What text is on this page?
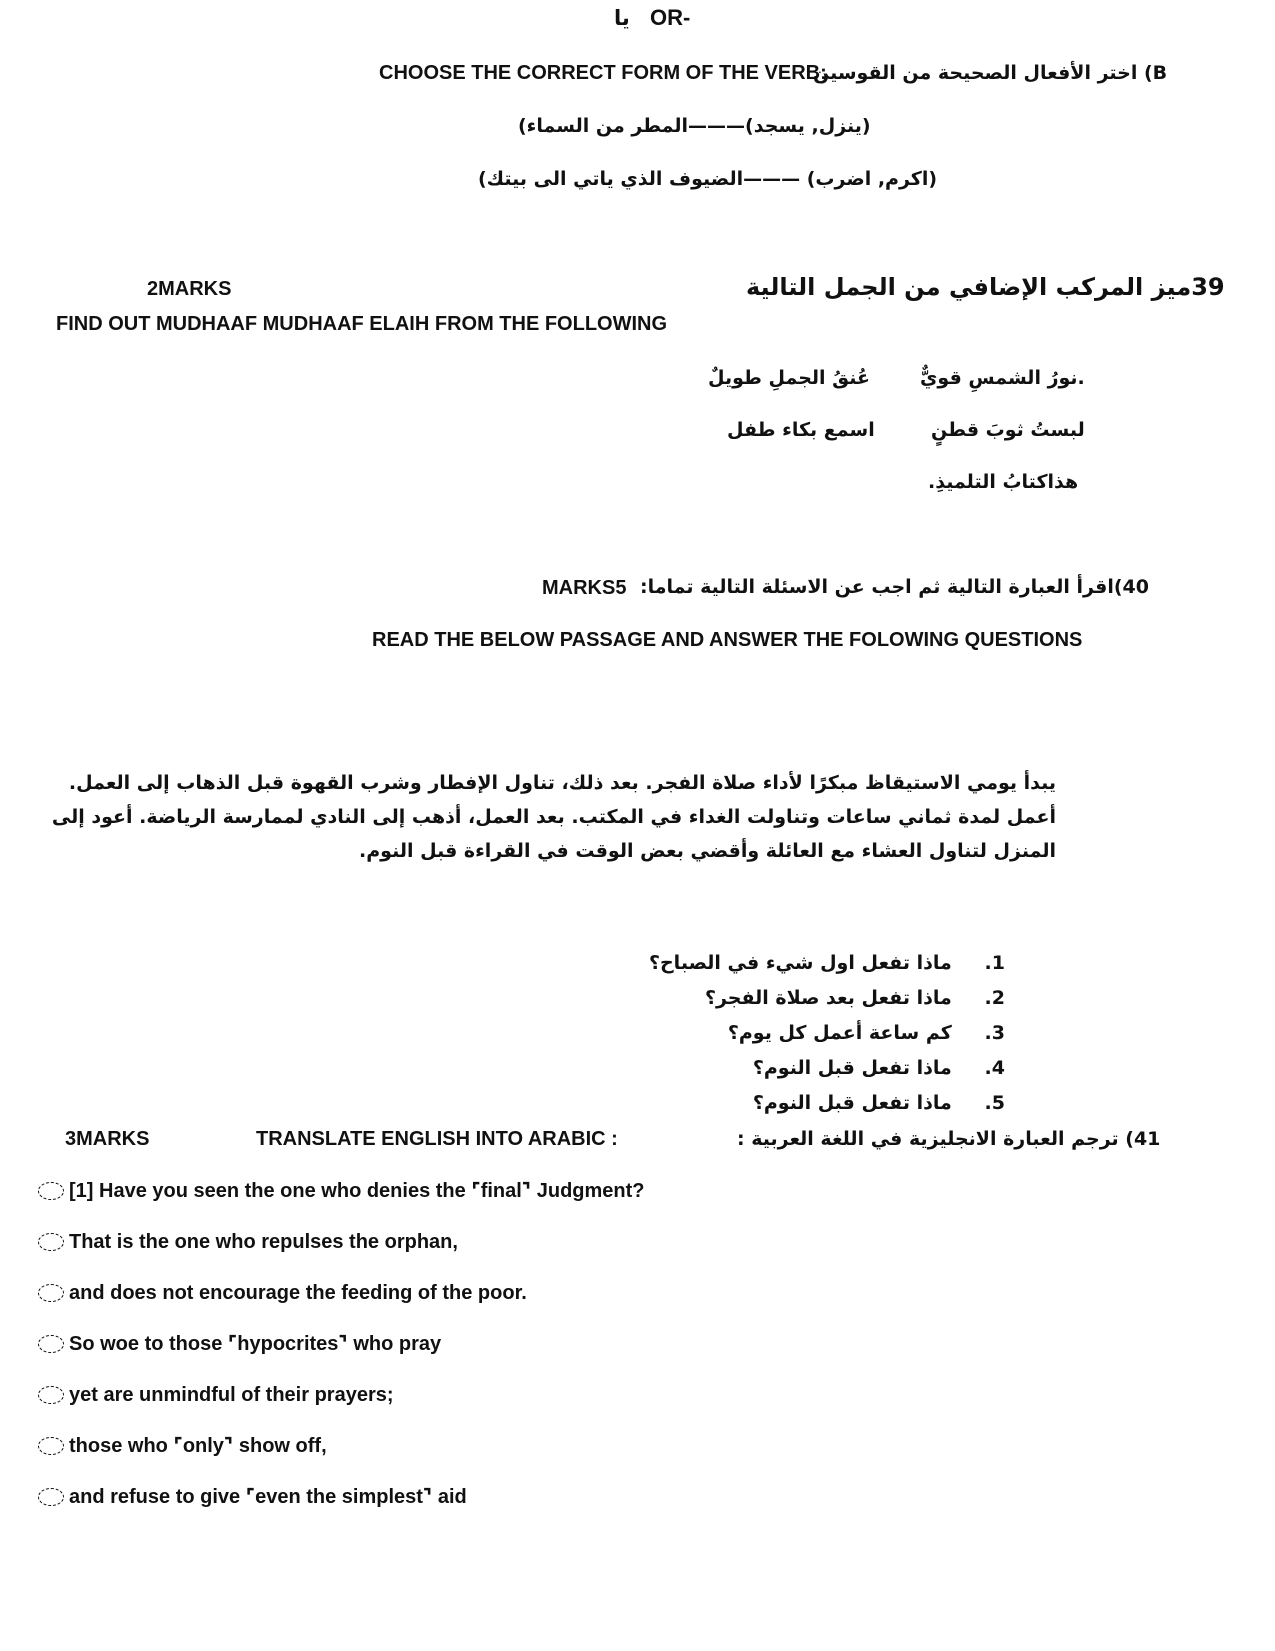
OR-
يا
CHOOSE THE CORRECT FORM OF THE VERB:
B) اختر الأفعال الصحيحة من القوسين
(ينزل, يسجد)———المطر من السماء)
(اكرم, اضرب) ———الضيوف الذي ياتي الى بيتك)
2MARKS	39ميز المركب الإضافي من الجمل التالية
FIND OUT MUDHAAF MUDHAAF ELAIH FROM THE FOLLOWING
.نورُ الشمسِ قويٌّ
عُنقُ الجملِ طويلٌ
لبستُ ثوبَ قطنٍ
اسمع بكاء طفل
هذاكتابُ التلميذِ.
40)اقرأ العبارة التالية ثم اجب عن الاسئلة التالية تماما:
MARKS5
READ THE BELOW PASSAGE AND ANSWER THE FOLOWING QUESTIONS
يبدأ يومي الاستيقاظ مبكرًا لأداء صلاة الفجر. بعد ذلك، تناول الإفطار وشرب القهوة قبل الذهاب إلى العمل. أعمل لمدة ثماني ساعات وتناولت الغداء في المكتب. بعد العمل، أذهب إلى النادي لممارسة الرياضة. أعود إلى المنزل لتناول العشاء مع العائلة وأقضي بعض الوقت في القراءة قبل النوم.
1.  ماذا تفعل اول شيء في الصباح؟
2.  ماذا تفعل بعد صلاة الفجر؟
3.  كم ساعة أعمل كل يوم؟
4.  ماذا تفعل قبل النوم؟
5.  ماذا تفعل قبل النوم؟
3MARKS	TRANSLATE ENGLISH INTO ARABIC :	41) ترجم العبارة الانجليزية في اللغة العربية :
[1] Have you seen the one who denies the ⌜final⌝ Judgment?
That is the one who repulses the orphan,
and does not encourage the feeding of the poor.
So woe to those ⌜hypocrites⌝ who pray
yet are unmindful of their prayers;
those who ⌜only⌝ show off,
and refuse to give ⌜even the simplest⌝ aid
